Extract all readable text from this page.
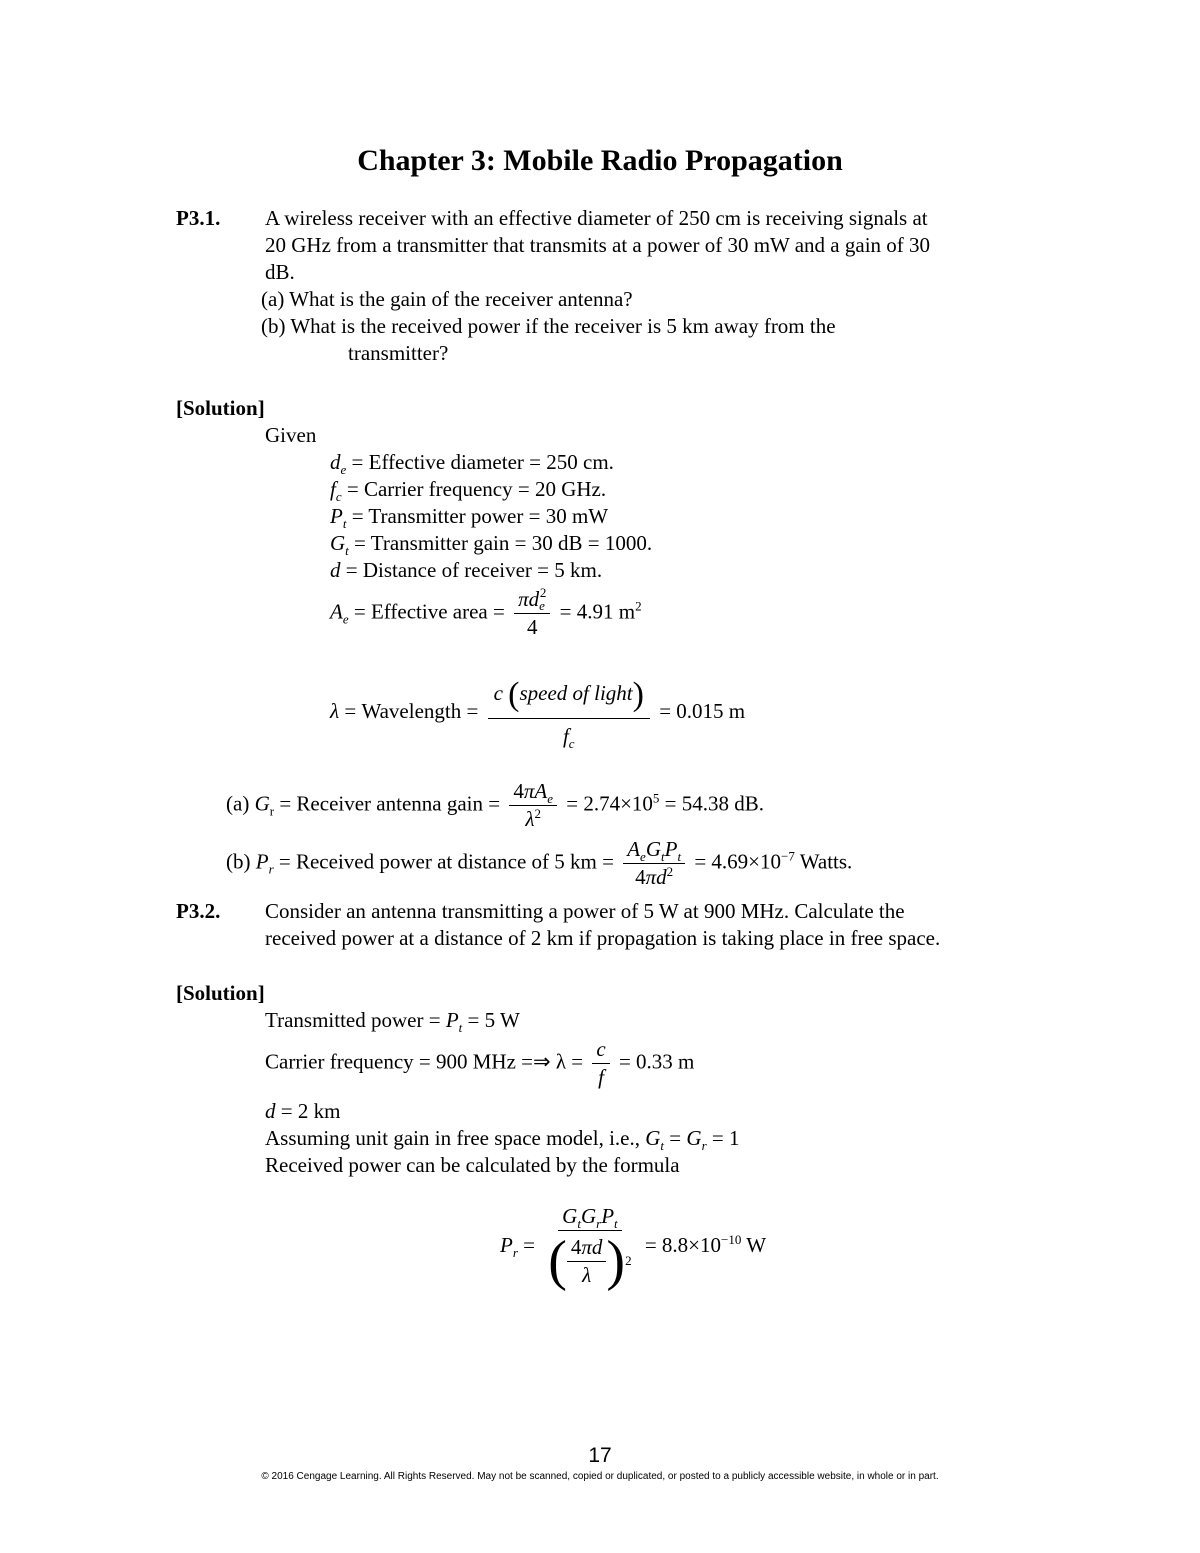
Chapter 3: Mobile Radio Propagation
P3.1. A wireless receiver with an effective diameter of 250 cm is receiving signals at
20 GHz from a transmitter that transmits at a power of 30 mW and a gain of 30
dB.
(a) What is the gain of the receiver antenna?
(b) What is the received power if the receiver is 5 km away from the
transmitter?
[Solution]
Given
$d_e$ = Effective diameter = 250 cm.
$f_c$ = Carrier frequency = 20 GHz.
$P_t$ = Transmitter power = 30 mW
$G_t$ = Transmitter gain = 30 dB = 1000.
d = Distance of receiver = 5 km.
$A_e$ = Effective area = $\frac{\pi d_e^2}{4} = 4.91$ $m^2$
λ = Wavelength = $\frac{\text{c (speed of light)}}{f_c} = 0.015$ m
(a) $G_r$ = Receiver antenna gain = $\frac{4\pi A_e}{\lambda^2} = 2.74\times 10^5 = 54.38$ dB.
(b) $P_r$ = Received power at distance of 5 km = $\frac{A_eG_tP_t}{4\pi d^2} = 4.69\times 10^{-7}$ Watts.
P3.2. Consider an antenna transmitting a power of 5 W at 900 MHz. Calculate the
received power at a distance of 2 km if propagation is taking place in free space.
[Solution]
Transmitted power = $P_t = 5$ W
Carrier frequency = 900 MHz =⇒ $\lambda = \frac{c}{f} = 0.33$ m
d = 2 km
Assuming unit gain in free space model, i.e., $G_t = G_r = 1$
Received power can be calculated by the formula
$P_r = \frac{G_tG_rP_t}{( \frac{4\pi d}{\lambda} ) 2} = 8.8\times 10^{-10}$ W
17
© 2016 Cengage Learning. All Rights Reserved. May not be scanned, copied or duplicated, or posted to a publicly accessible website, in whole or in part.
